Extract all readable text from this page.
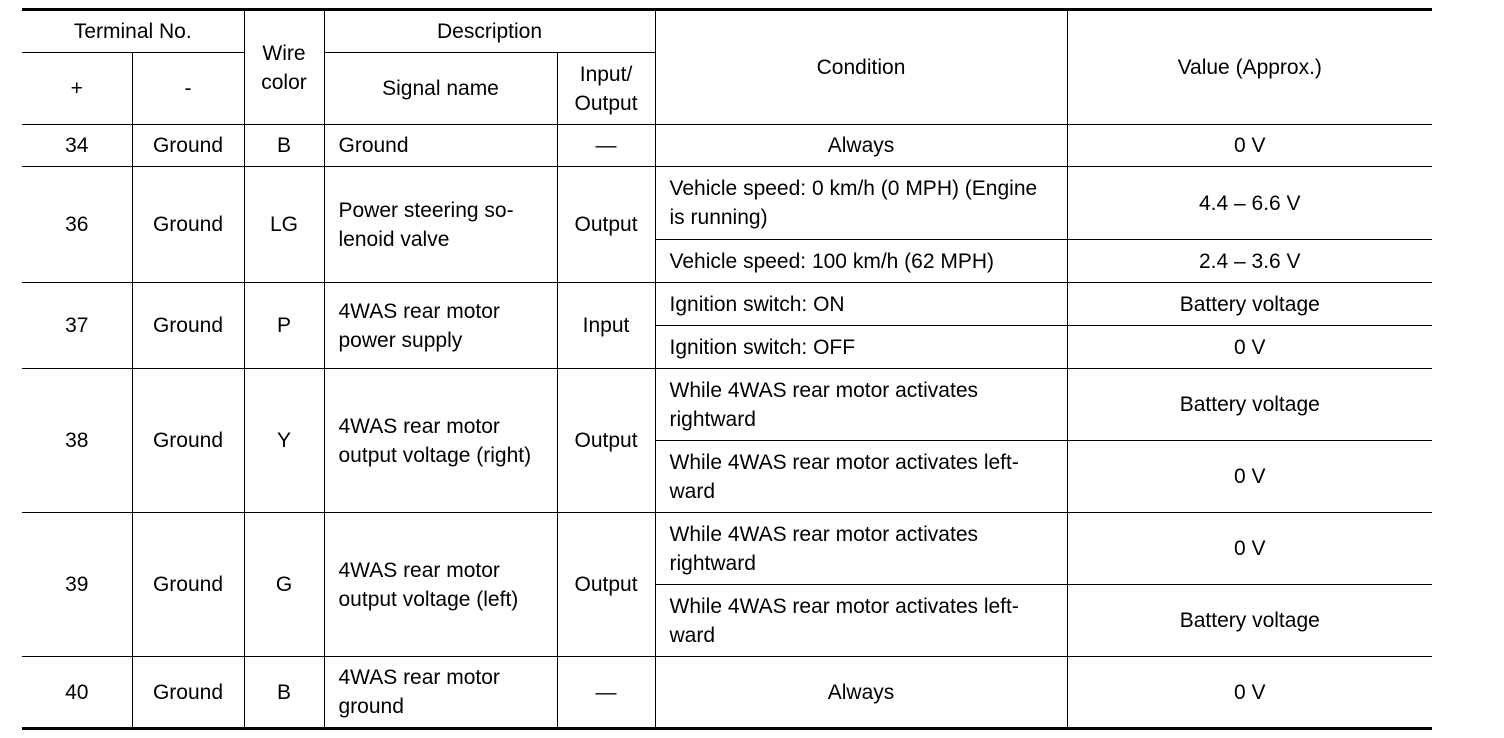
Terminal No.		Wire color	Description		Condition	Value (Approx.)
+	-		Signal name	Input/ Output		
34	Ground	B	Ground	—	Always	0 V
36	Ground	LG	Power steering so-lenoid valve	Output	Vehicle speed: 0 km/h (0 MPH) (Engine is running)	4.4 – 6.6 V
					Vehicle speed: 100 km/h (62 MPH)	2.4 – 3.6 V
37	Ground	P	4WAS rear motor power supply	Input	Ignition switch: ON	Battery voltage
					Ignition switch: OFF	0 V
38	Ground	Y	4WAS rear motor output voltage (right)	Output	While 4WAS rear motor activates rightward	Battery voltage
					While 4WAS rear motor activates left-ward	0 V
39	Ground	G	4WAS rear motor output voltage (left)	Output	While 4WAS rear motor activates rightward	0 V
					While 4WAS rear motor activates left-ward	Battery voltage
40	Ground	B	4WAS rear motor ground	—	Always	0 V
